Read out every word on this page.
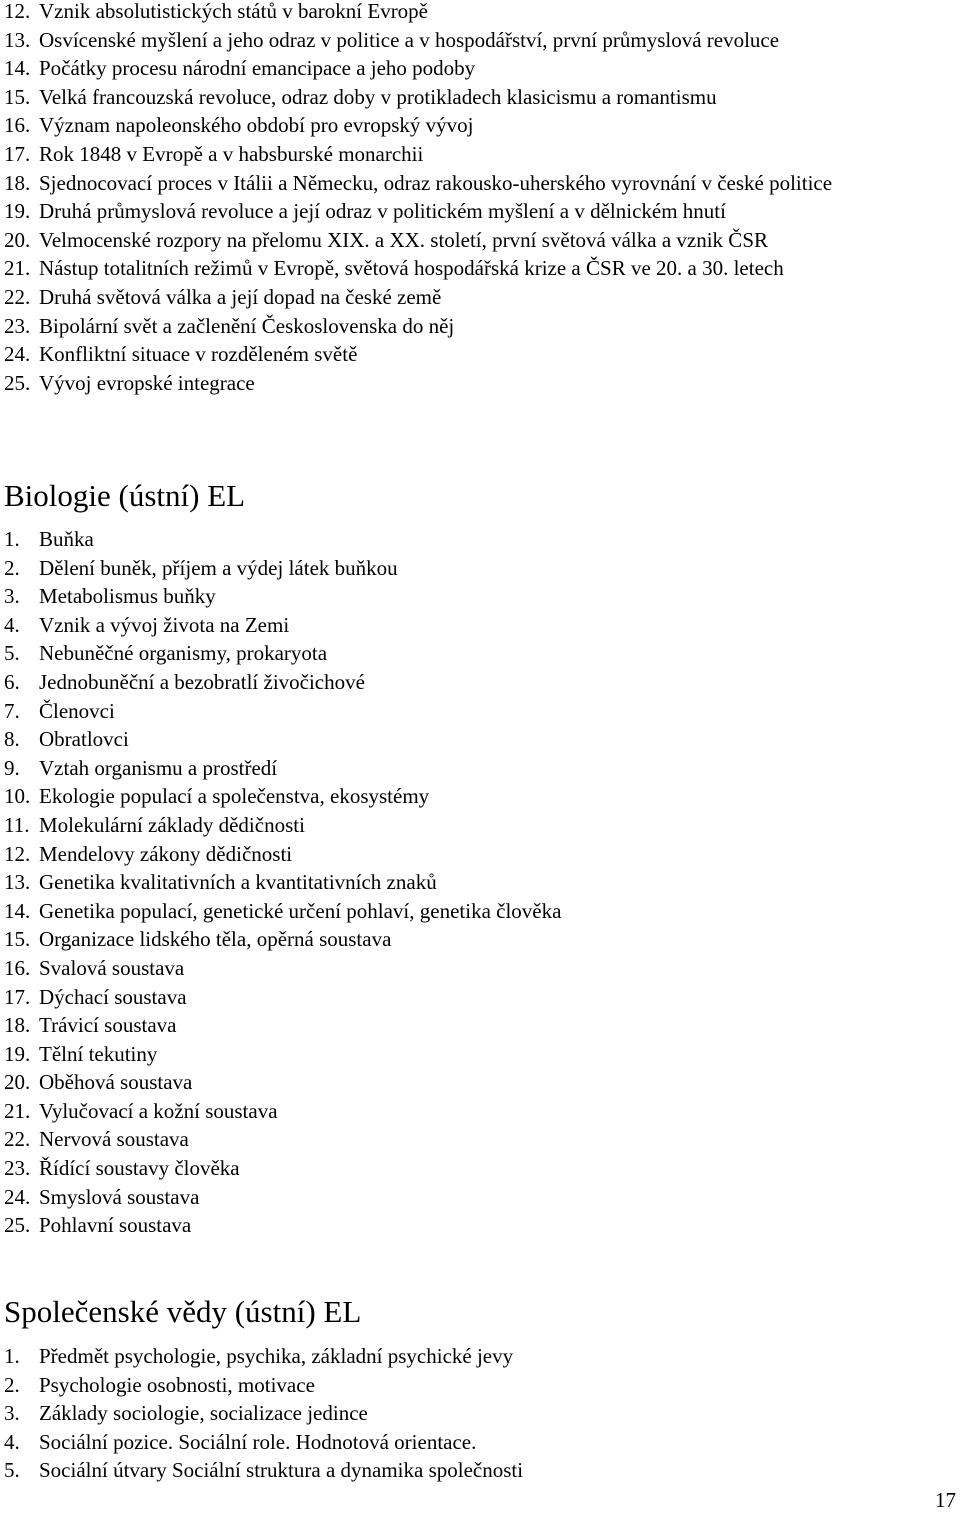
12. Vznik absolutistických států v barokní Evropě
13. Osvícenské myšlení a jeho odraz v politice a v hospodářství, první průmyslová revoluce
14. Počátky procesu národní emancipace a jeho podoby
15. Velká francouzská revoluce, odraz doby v protikladech klasicismu a romantismu
16. Význam napoleonského období pro evropský vývoj
17. Rok 1848 v Evropě a v habsburské monarchii
18. Sjednocovací proces v Itálii a Německu, odraz rakousko-uherského vyrovnání v české politice
19. Druhá průmyslová revoluce a její odraz v politickém myšlení a v dělnickém hnutí
20. Velmocenské rozpory na přelomu XIX. a XX. století, první světová válka a vznik ČSR
21. Nástup totalitních režimů v Evropě, světová hospodářská krize a ČSR ve 20. a 30. letech
22. Druhá světová válka a její dopad na české země
23. Bipolární svět a začlenění Československa do něj
24. Konfliktní situace v rozděleném světě
25. Vývoj evropské integrace
Biologie (ústní) EL
1. Buňka
2. Dělení buněk, příjem a výdej látek buňkou
3. Metabolismus buňky
4. Vznik a vývoj života na Zemi
5. Nebuněčné organismy, prokaryota
6. Jednobuněční a bezobratlí živočichové
7. Členovci
8. Obratlovci
9. Vztah organismu a prostředí
10. Ekologie populací a společenstva, ekosystémy
11. Molekulární základy dědičnosti
12. Mendelovy zákony dědičnosti
13. Genetika kvalitativních a kvantitativních znaků
14. Genetika populací, genetické určení pohlaví, genetika člověka
15. Organizace lidského těla, opěrná soustava
16. Svalová soustava
17. Dýchací soustava
18. Trávicí soustava
19. Tělní tekutiny
20. Oběhová soustava
21. Vylučovací a kožní soustava
22. Nervová soustava
23. Řídící soustavy člověka
24. Smyslová soustava
25. Pohlavní soustava
Společenské vědy (ústní) EL
1. Předmět psychologie, psychika, základní psychické jevy
2. Psychologie osobnosti, motivace
3. Základy sociologie, socializace jedince
4. Sociální pozice. Sociální role. Hodnotová orientace.
5. Sociální útvary Sociální struktura a dynamika společnosti
17
